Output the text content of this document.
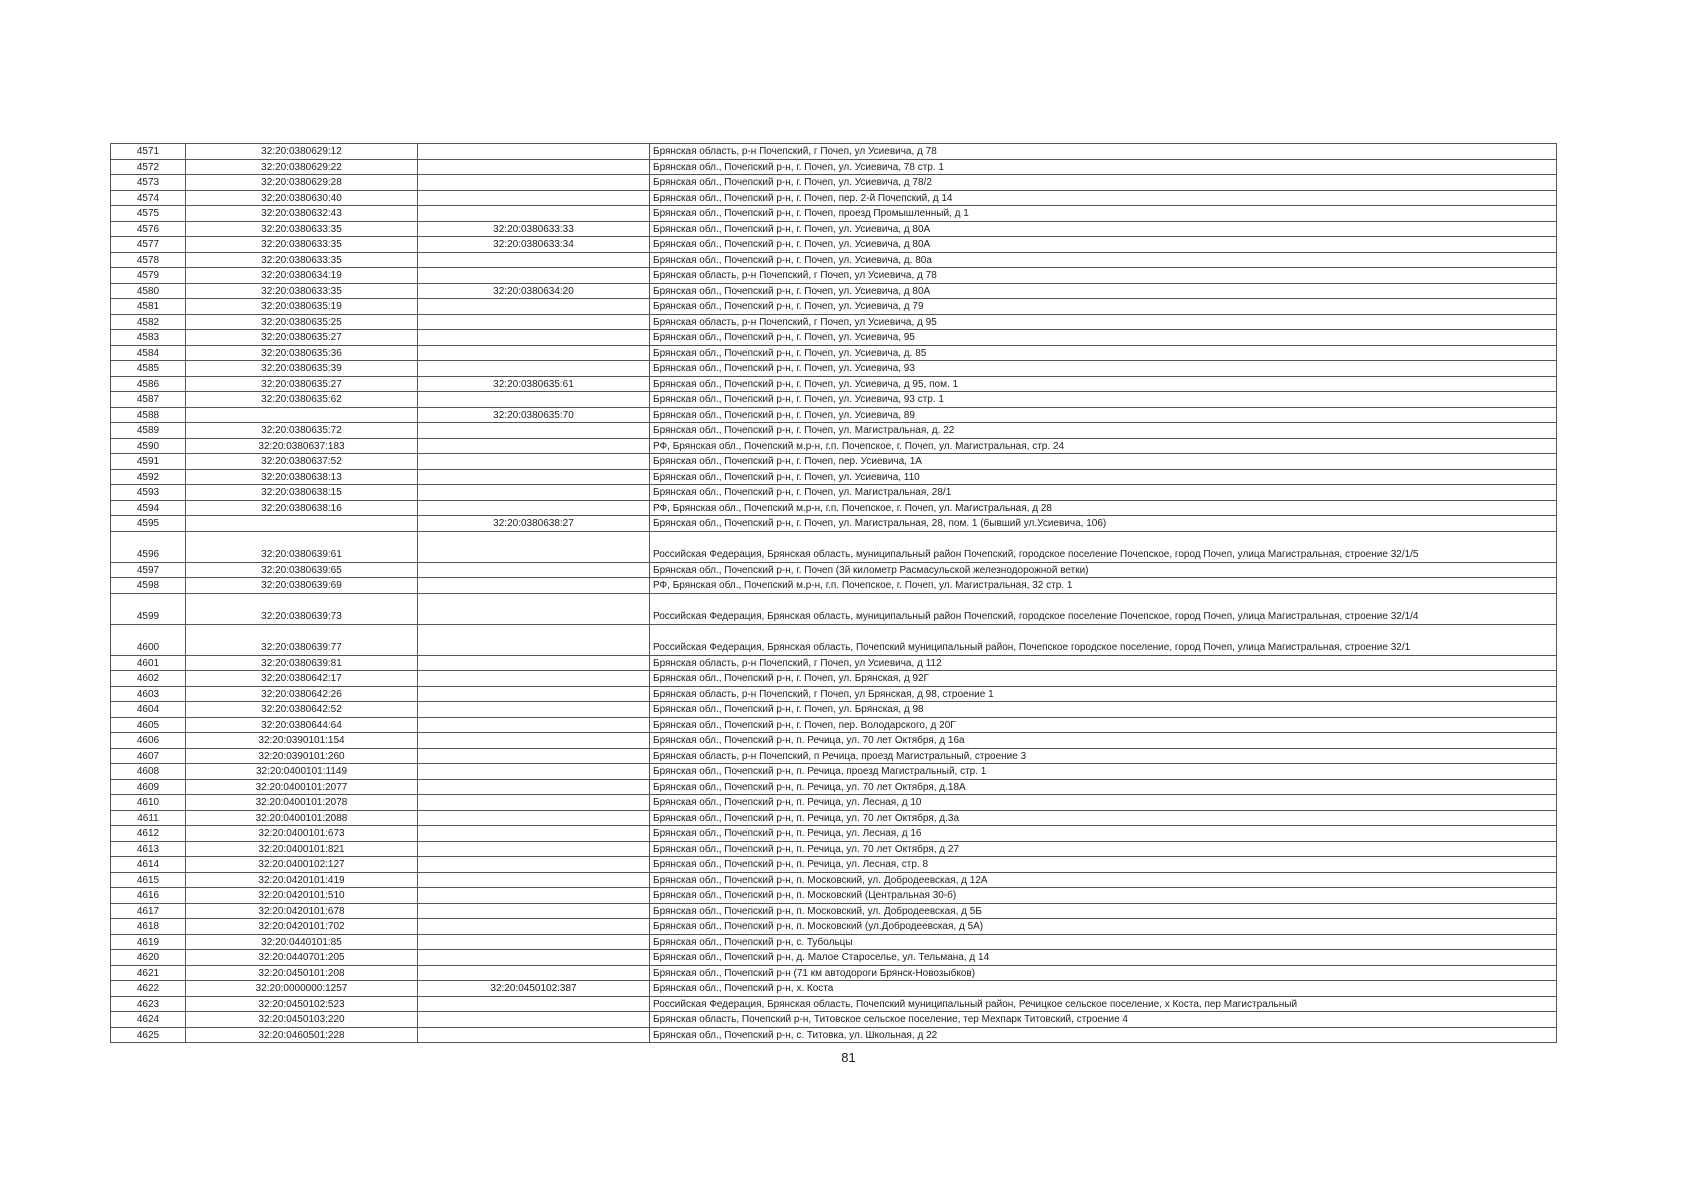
4571	32:20:0380629:12		Брянская область, р-н Почепский, г Почеп, ул Усиевича, д 78
4572	32:20:0380629:22		Брянская обл., Почепский р-н, г. Почеп, ул. Усиевича, 78 стр. 1
4573	32:20:0380629:28		Брянская обл., Почепский р-н, г. Почеп, ул. Усиевича, д 78/2
4574	32:20:0380630:40		Брянская обл., Почепский р-н, г. Почеп, пер. 2-й Почепский, д 14
4575	32:20:0380632:43		Брянская обл., Почепский р-н, г. Почеп, проезд Промышленный, д 1
4576	32:20:0380633:35	32:20:0380633:33	Брянская обл., Почепский р-н, г. Почеп, ул. Усиевича, д 80А
4577	32:20:0380633:35	32:20:0380633:34	Брянская обл., Почепский р-н, г. Почеп, ул. Усиевича, д 80А
4578	32:20:0380633:35		Брянская обл., Почепский р-н, г. Почеп, ул. Усиевича, д. 80а
4579	32:20:0380634:19		Брянская область, р-н Почепский, г Почеп, ул Усиевича, д 78
4580	32:20:0380633:35	32:20:0380634:20	Брянская обл., Почепский р-н, г. Почеп, ул. Усиевича, д 80А
4581	32:20:0380635:19		Брянская обл., Почепский р-н, г. Почеп, ул. Усиевича, д 79
4582	32:20:0380635:25		Брянская область, р-н Почепский, г Почеп, ул Усиевича, д 95
4583	32:20:0380635:27		Брянская обл., Почепский р-н, г. Почеп, ул. Усиевича, 95
4584	32:20:0380635:36		Брянская обл., Почепский р-н, г. Почеп, ул. Усиевича, д. 85
4585	32:20:0380635:39		Брянская обл., Почепский р-н, г. Почеп, ул. Усиевича, 93
4586	32:20:0380635:27	32:20:0380635:61	Брянская обл., Почепский р-н, г. Почеп, ул. Усиевича, д 95, пом. 1
4587	32:20:0380635:62		Брянская обл., Почепский р-н, г. Почеп, ул. Усиевича, 93 стр. 1
4588		32:20:0380635:70	Брянская обл., Почепский р-н, г. Почеп, ул. Усиевича, 89
4589	32:20:0380635:72		Брянская обл., Почепский р-н, г. Почеп, ул. Магистральная, д. 22
4590	32:20:0380637:183		РФ, Брянская обл., Почепский м.р-н, г.п. Почепское, г. Почеп, ул. Магистральная, стр. 24
4591	32:20:0380637:52		Брянская обл., Почепский р-н, г. Почеп, пер. Усиевича, 1А
4592	32:20:0380638:13		Брянская обл., Почепский р-н, г. Почеп, ул. Усиевича, 110
4593	32:20:0380638:15		Брянская обл., Почепский р-н, г. Почеп, ул. Магистральная, 28/1
4594	32:20:0380638:16		РФ, Брянская обл., Почепский м.р-н, г.п. Почепское, г. Почеп, ул. Магистральная, д 28
4595		32:20:0380638:27	Брянская обл., Почепский р-н, г. Почеп, ул. Магистральная, 28, пом. 1 (бывший ул.Усиевича, 106)
4596	32:20:0380639:61		Российская Федерация, Брянская область, муниципальный район Почепский, городское поселение Почепское, город Почеп, улица Магистральная, строение 32/1/5
4597	32:20:0380639:65		Брянская обл., Почепский р-н, г. Почеп (3й километр Расмасульской железнодорожной ветки)
4598	32:20:0380639:69		РФ, Брянская обл., Почепский м.р-н, г.п. Почепское, г. Почеп, ул. Магистральная, 32 стр. 1
4599	32:20:0380639:73		Российская Федерация, Брянская область, муниципальный район Почепский, городское поселение Почепское, город Почеп, улица Магистральная, строение 32/1/4
4600	32:20:0380639:77		Российская Федерация, Брянская область, Почепский муниципальный район, Почепское городское поселение, город Почеп, улица Магистральная, строение 32/1
4601	32:20:0380639:81		Брянская область, р-н Почепский, г Почеп, ул Усиевича, д 112
4602	32:20:0380642:17		Брянская обл., Почепский р-н, г. Почеп, ул. Брянская, д 92Г
4603	32:20:0380642:26		Брянская область, р-н Почепский, г Почеп, ул Брянская, д 98, строение 1
4604	32:20:0380642:52		Брянская обл., Почепский р-н, г. Почеп, ул. Брянская, д 98
4605	32:20:0380644:64		Брянская обл., Почепский р-н, г. Почеп, пер. Володарского, д 20Г
4606	32:20:0390101:154		Брянская обл., Почепский р-н, п. Речица, ул. 70 лет Октября, д 16а
4607	32:20:0390101:260		Брянская область, р-н Почепский, п Речица, проезд Магистральный, строение 3
4608	32:20:0400101:1149		Брянская обл., Почепский р-н, п. Речица, проезд Магистральный, стр. 1
4609	32:20:0400101:2077		Брянская обл., Почепский р-н, п. Речица, ул. 70 лет Октября, д.18А
4610	32:20:0400101:2078		Брянская обл., Почепский р-н, п. Речица, ул. Лесная, д 10
4611	32:20:0400101:2088		Брянская обл., Почепский р-н, п. Речица, ул. 70 лет Октября, д.3а
4612	32:20:0400101:673		Брянская обл., Почепский р-н, п. Речица, ул. Лесная, д 16
4613	32:20:0400101:821		Брянская обл., Почепский р-н, п. Речица, ул. 70 лет Октября, д 27
4614	32:20:0400102:127		Брянская обл., Почепский р-н, п. Речица, ул. Лесная, стр. 8
4615	32:20:0420101:419		Брянская обл., Почепский р-н, п. Московский, ул. Добродеевская, д 12А
4616	32:20:0420101:510		Брянская обл., Почепский р-н, п. Московский (Центральная 30-б)
4617	32:20:0420101:678		Брянская обл., Почепский р-н, п. Московский, ул. Добродеевская, д 5Б
4618	32:20:0420101:702		Брянская обл., Почепский р-н, п. Московский (ул.Добродеевская, д 5А)
4619	32:20:0440101:85		Брянская обл., Почепский р-н, с. Тубольцы
4620	32:20:0440701:205		Брянская обл., Почепский р-н, д. Малое Староселье, ул. Тельмана, д 14
4621	32:20:0450101:208		Брянская обл., Почепский р-н (71 км автодороги Брянск-Новозыбков)
4622	32:20:0000000:1257	32:20:0450102:387	Брянская обл., Почепский р-н, х. Коста
4623	32:20:0450102:523		Российская Федерация, Брянская область, Почепский муниципальный район, Речицкое сельское поселение, х Коста, пер Магистральный
4624	32:20:0450103:220		Брянская область, Почепский р-н, Титовское сельское поселение, тер Мехпарк Титовский, строение 4
4625	32:20:0460501:228		Брянская обл., Почепский р-н, с. Титовка, ул. Школьная, д 22
81
